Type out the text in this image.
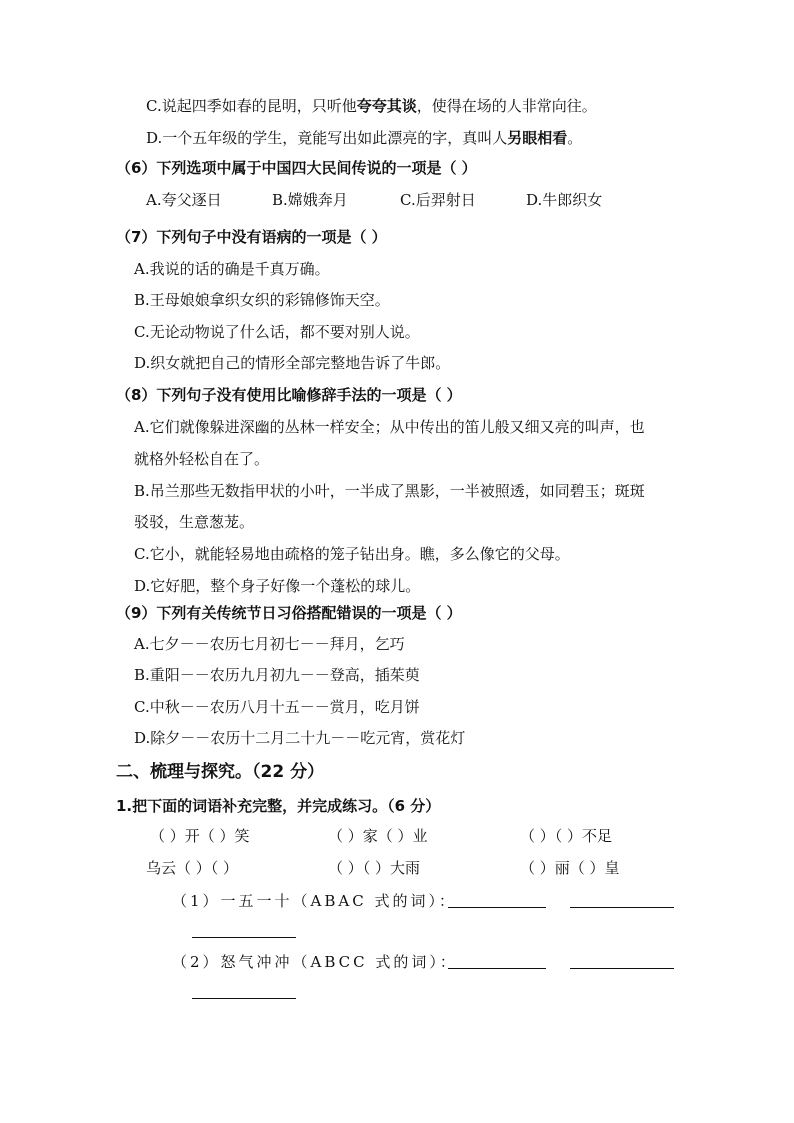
C.说起四季如春的昆明，只听他夸夸其谈，使得在场的人非常向往。
D.一个五年级的学生，竟能写出如此漂亮的字，真叫人另眼相看。
（6）下列选项中属于中国四大民间传说的一项是（ ）
A.夸父逐日	B.嫦娥奔月	C.后羿射日	D.牛郎织女
（7）下列句子中没有语病的一项是（ ）
A.我说的话的确是千真万确。
B.王母娘娘拿织女织的彩锦修饰天空。
C.无论动物说了什么话，都不要对别人说。
D.织女就把自己的情形全部完整地告诉了牛郎。
（8）下列句子没有使用比喻修辞手法的一项是（ ）
A.它们就像躲进深幽的丛林一样安全；从中传出的笛儿般又细又亮的叫声，也
就格外轻松自在了。
B.吊兰那些无数指甲状的小叶，一半成了黑影，一半被照透，如同碧玉；斑斑
驳驳，生意葱茏。
C.它小，就能轻易地由疏格的笼子钻出身。瞧，多么像它的父母。
D.它好肥，整个身子好像一个蓬松的球儿。
（9）下列有关传统节日习俗搭配错误的一项是（ ）
A.七夕－－农历七月初七－－拜月，乞巧
B.重阳－－农历九月初九－－登高，插茱萸
C.中秋－－农历八月十五－－赏月，吃月饼
D.除夕－－农历十二月二十九－－吃元宵，赏花灯
二、梳理与探究。（22 分）
1.把下面的词语补充完整，并完成练习。（6 分）
（ ）开（ ）笑	（ ）家（ ）业	（ ）（ ）不足
乌云（ ）（ ）	（ ）（ ）大雨	（ ）丽（ ）皇
（1）一五一十（ABAC 式的词）：
（2）怒气冲冲（ABCC 式的词）：
